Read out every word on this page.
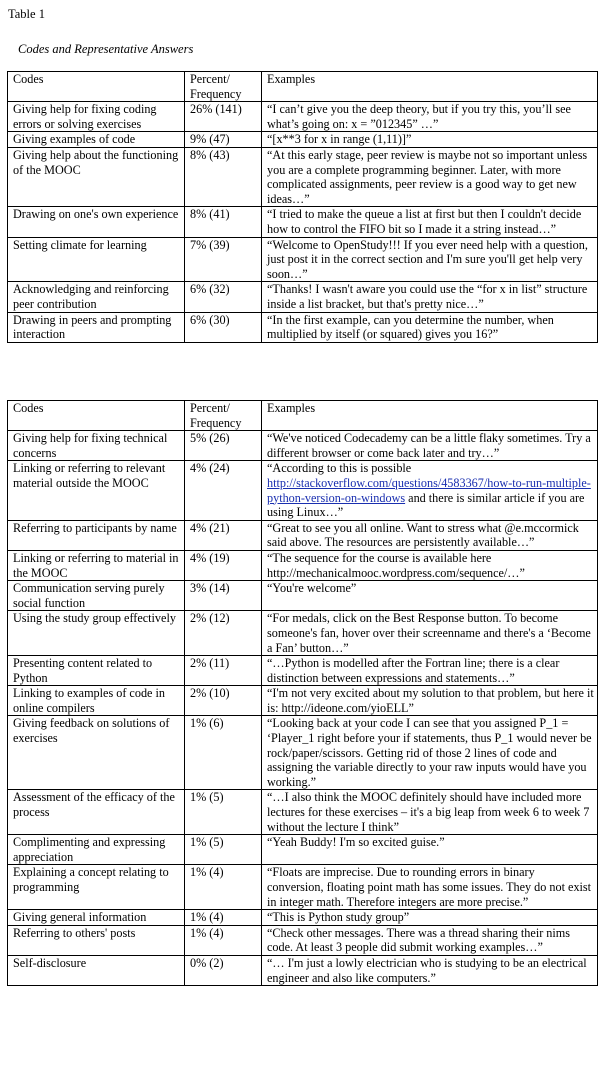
Table 1
Codes and Representative Answers
Codes	Percent/ Frequency	Examples
Giving help for fixing coding errors or solving exercises	26% (141)	“I can’t give you the deep theory, but if you try this, you’ll see what’s going on: x = ”012345” …”
Giving examples of code	9% (47)	“[x**3 for x in range (1,11)]”
Giving help about the functioning of the MOOC	8% (43)	“At this early stage, peer review is maybe not so important unless you are a complete programming beginner. Later, with more complicated assignments, peer review is a good way to get new ideas…”
Drawing on one's own experience	8% (41)	“I tried to make the queue a list at first but then I couldn't decide how to control the FIFO bit so I made it a string instead…”
Setting climate for learning	7% (39)	“Welcome to OpenStudy!!! If you ever need help with a question, just post it in the correct section and I'm sure you'll get help very soon…”
Acknowledging and reinforcing peer contribution	6% (32)	“Thanks! I wasn't aware you could use the “for x in list” structure inside a list bracket, but that's pretty nice…”
Drawing in peers and prompting interaction	6% (30)	“In the first example, can you determine the number, when multiplied by itself (or squared) gives you 16?”
Codes	Percent/ Frequency	Examples
Giving help for fixing technical concerns	5% (26)	“We've noticed Codecademy can be a little flaky sometimes. Try a different browser or come back later and try…”
Linking or referring to relevant material outside the MOOC	4% (24)	“According to this is possible http://stackoverflow.com/questions/4583367/how-to-run-multiple-python-version-on-windows and there is similar article if you are using Linux…”
Referring to participants by name	4% (21)	“Great to see you all online. Want to stress what @e.mccormick said above. The resources are persistently available…”
Linking or referring to material in the MOOC	4% (19)	“The sequence for the course is available here http://mechanicalmooc.wordpress.com/sequence/…”
Communication serving purely social function	3% (14)	“You're welcome”
Using the study group effectively	2% (12)	“For medals, click on the Best Response button. To become someone's fan, hover over their screenname and there's a ‘Become a Fan’ button…”
Presenting content related to Python	2% (11)	“…Python is modelled after the Fortran line; there is a clear distinction between expressions and statements…”
Linking to examples of code in online compilers	2% (10)	“I'm not very excited about my solution to that problem, but here it is: http://ideone.com/yioELL”
Giving feedback on solutions of exercises	1% (6)	“Looking back at your code I can see that you assigned P_1 = ‘Player_1 right before your if statements, thus P_1 would never be rock/paper/scissors. Getting rid of those 2 lines of code and assigning the variable directly to your raw inputs would have you working.”
Assessment of the efficacy of the process	1% (5)	“…I also think the MOOC definitely should have included more lectures for these exercises – it's a big leap from week 6 to week 7 without the lecture I think”
Complimenting and expressing appreciation	1% (5)	“Yeah Buddy! I'm so excited guise.”
Explaining a concept relating to programming	1% (4)	“Floats are imprecise. Due to rounding errors in binary conversion, floating point math has some issues. They do not exist in integer math. Therefore integers are more precise.”
Giving general information	1% (4)	“This is Python study group”
Referring to others' posts	1% (4)	“Check other messages. There was a thread sharing their nims code. At least 3 people did submit working examples…”
Self-disclosure	0% (2)	“… I'm just a lowly electrician who is studying to be an electrical engineer and also like computers.”
